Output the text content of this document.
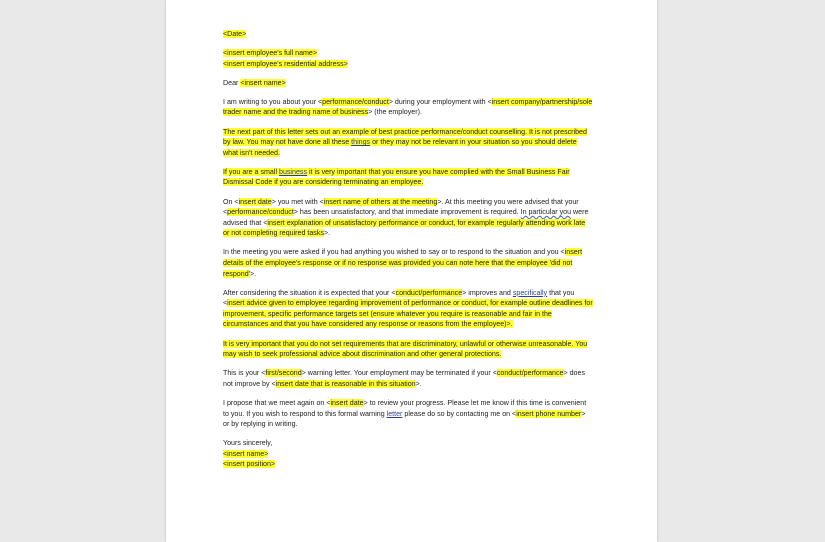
<Date>
<insert employee's full name>
<insert employee's residential address>
Dear <insert name>
I am writing to you about your <performance/conduct> during your employment with <insert company/partnership/sole trader name and the trading name of business> (the employer).
The next part of this letter sets out an example of best practice performance/conduct counselling. It is not prescribed by law. You may not have done all these things or they may not be relevant in your situation so you should delete what isn't needed.
If you are a small business it is very important that you ensure you have complied with the Small Business Fair Dismissal Code if you are considering terminating an employee.
On <insert date> you met with <insert name of others at the meeting>. At this meeting you were advised that your <performance/conduct> has been unsatisfactory, and that immediate improvement is required. In particular you were advised that <insert explanation of unsatisfactory performance or conduct, for example regularly attending work late or not completing required tasks>.
In the meeting you were asked if you had anything you wished to say or to respond to the situation and you <insert details of the employee's response or if no response was provided you can note here that the employee 'did not respond'>.
After considering the situation it is expected that your <conduct/performance> improves and specifically that you <insert advice given to employee regarding improvement of performance or conduct, for example outline deadlines for improvement, specific performance targets set (ensure whatever you require is reasonable and fair in the circumstances and that you have considered any response or reasons from the employee)>.
It is very important that you do not set requirements that are discriminatory, unlawful or otherwise unreasonable. You may wish to seek professional advice about discrimination and other general protections.
This is your <first/second> warning letter. Your employment may be terminated if your <conduct/performance> does not improve by <insert date that is reasonable in this situation>.
I propose that we meet again on <insert date> to review your progress. Please let me know if this time is convenient to you. If you wish to respond to this formal warning letter please do so by contacting me on <insert phone number> or by replying in writing.
Yours sincerely,
<insert name>
<insert position>
